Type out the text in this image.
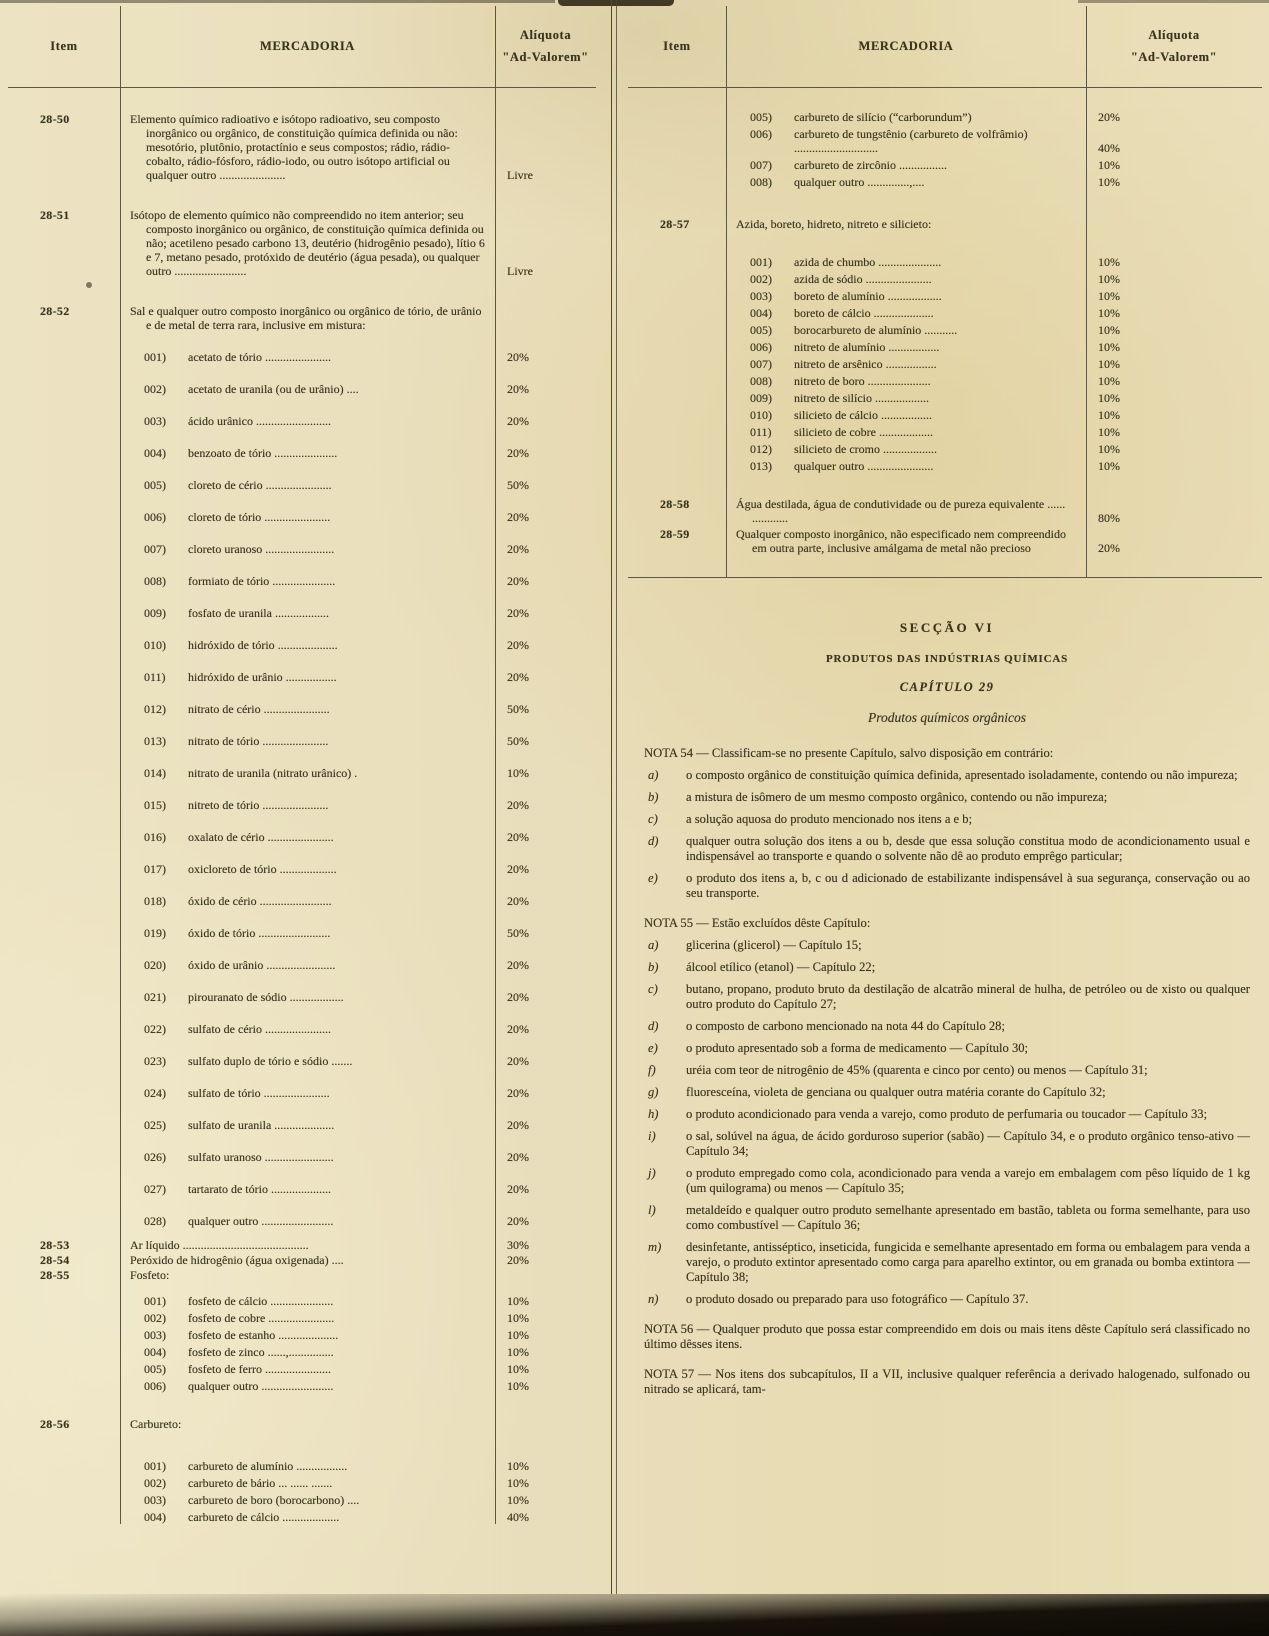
Item	MERCADORIA
Alíquota
"Ad-Valorem"
28-50	Elemento químico radioativo e isótopo radioativo, seu composto inorgânico ou orgânico, de constituição química definida ou não: mesotório, plutônio, protactínio e seus compostos; rádio, rádio-cobalto, rádio-fósforo, rádio-iodo, ou outro isótopo artificial ou qualquer outro ......................	Livre
28-51	Isótopo de elemento químico não compreendido no item anterior; seu composto inorgânico ou orgânico, de constituição química definida ou não; acetileno pesado carbono 13, deutério (hidrogênio pesado), lítio 6 e 7, metano pesado, protóxido de deutério (água pesada), ou qualquer outro ........................	Livre
28-52	Sal e qualquer outro composto inorgânico ou orgânico de tório, de urânio e de metal de terra rara, inclusive em mistura:
001) acetato de tório ......................	20%
002) acetato de uranila (ou de urânio) ....	20%
003) ácido urânico .........................	20%
004) benzoato de tório .....................	20%
005) cloreto de cério ......................	50%
006) cloreto de tório ......................	20%
007) cloreto uranoso .......................	20%
008) formiato de tório .....................	20%
009) fosfato de uranila ..................	20%
010) hidróxido de tório ....................	20%
011) hidróxido de urânio .................	20%
012) nitrato de cério ......................	50%
013) nitrato de tório ......................	50%
014) nitrato de uranila (nitrato urânico) .	10%
015) nitreto de tório ......................	20%
016) oxalato de cério ......................	20%
017) oxicloreto de tório ...................	20%
018) óxido de cério ........................	20%
019) óxido de tório ........................	50%
020) óxido de urânio .......................	20%
021) pirouranato de sódio ..................	20%
022) sulfato de cério ......................	20%
023) sulfato duplo de tório e sódio .......	20%
024) sulfato de tório ......................	20%
025) sulfato de uranila ....................	20%
026) sulfato uranoso .......................	20%
027) tartarato de tório ....................	20%
028) qualquer outro ........................	20%
28-53	Ar líquido ..........................................	30%
28-54	Peróxido de hidrogênio (água oxigenada) ....	20%
28-55	Fosfeto:
001) fosfeto de cálcio .....................	10%
002) fosfeto de cobre ......................	10%
003) fosfeto de estanho ....................	10%
004) fosfeto de zinco ......,...............	10%
005) fosfeto de ferro ......................	10%
006) qualquer outro ........................	10%
28-56	Carbureto:
001) carbureto de alumínio .................	10%
002) carbureto de bário ... ...... .......	10%
003) carbureto de boro (borocarbono) ....	10%
004) carbureto de cálcio ...................	40%
Item	MERCADORIA
Alíquota
"Ad-Valorem"
005) carbureto de silício (“carborundum”)	20%
006) carbureto de tungstênio (carbureto de volfrâmio) ............................	40%
007) carbureto de zircônio ................	10%
008) qualquer outro ..............,....	10%
28-57	Azida, boreto, hidreto, nitreto e silicieto:
001) azida de chumbo .....................	10%
002) azida de sódio ......................	10%
003) boreto de alumínio ..................	10%
004) boreto de cálcio ....................	10%
005) borocarbureto de alumínio ...........	10%
006) nitreto de alumínio .................	10%
007) nitreto de arsênico .................	10%
008) nitreto de boro .....................	10%
009) nitreto de silício ..................	10%
010) silicieto de cálcio .................	10%
011) silicieto de cobre ..................	10%
012) silicieto de cromo ..................	10%
013) qualquer outro ......................	10%
28-58	Água destilada, água de condutividade ou de pureza equivalente ...... ............	80%
28-59	Qualquer composto inorgânico, não especificado nem compreendido em outra parte, inclusive amálgama de metal não precioso	20%
SECÇÃO VI
PRODUTOS DAS INDÚSTRIAS QUÍMICAS
CAPÍTULO 29
Produtos químicos orgânicos

NOTA 54 — Classificam-se no presente Capítulo, salvo disposição em contrário:

a)	o composto orgânico de constituição química definida, apresentado isoladamente, contendo ou não impureza;
b)	a mistura de isômero de um mesmo composto orgânico, contendo ou não impureza;
c)	a solução aquosa do produto mencionado nos itens a e b;
d)	qualquer outra solução dos itens a ou b, desde que essa solução constitua modo de acondicionamento usual e indispensável ao transporte e quando o solvente não dê ao produto emprêgo particular;
e)	o produto dos itens a, b, c ou d adicionado de estabilizante indispensável à sua segurança, conservação ou ao seu transporte.

NOTA 55 — Estão excluídos dêste Capítulo:

a)	glicerina (glicerol) — Capítulo 15;
b)	álcool etílico (etanol) — Capítulo 22;
c)	butano, propano, produto bruto da destilação de alcatrão mineral de hulha, de petróleo ou de xisto ou qualquer outro produto do Capítulo 27;
d)	o composto de carbono mencionado na nota 44 do Capítulo 28;
e)	o produto apresentado sob a forma de medicamento — Capítulo 30;
f)	uréia com teor de nitrogênio de 45% (quarenta e cinco por cento) ou menos — Capítulo 31;
g)	fluoresceína, violeta de genciana ou qualquer outra matéria corante do Capítulo 32;
h)	o produto acondicionado para venda a varejo, como produto de perfumaria ou toucador — Capítulo 33;
i)	o sal, solúvel na água, de ácido gorduroso superior (sabão) — Capítulo 34, e o produto orgânico tenso-ativo — Capítulo 34;
j)	o produto empregado como cola, acondicionado para venda a varejo em embalagem com pêso líquido de 1 kg (um quilograma) ou menos — Capítulo 35;
l)	metaldeído e qualquer outro produto semelhante apresentado em bastão, tableta ou forma semelhante, para uso como combustível — Capítulo 36;
m)	desinfetante, antisséptico, inseticida, fungicida e semelhante apresentado em forma ou embalagem para venda a varejo, o produto extintor apresentado como carga para aparelho extintor, ou em granada ou bomba extintora — Capítulo 38;
n)	o produto dosado ou preparado para uso fotográfico — Capítulo 37.

NOTA 56 — Qualquer produto que possa estar compreendido em dois ou mais itens dêste Capítulo será classificado no último dêsses itens.

NOTA 57 — Nos itens dos subcapítulos, II a VII, inclusive qualquer referência a derivado halogenado, sulfonado ou nitrado se aplicará, tam-
